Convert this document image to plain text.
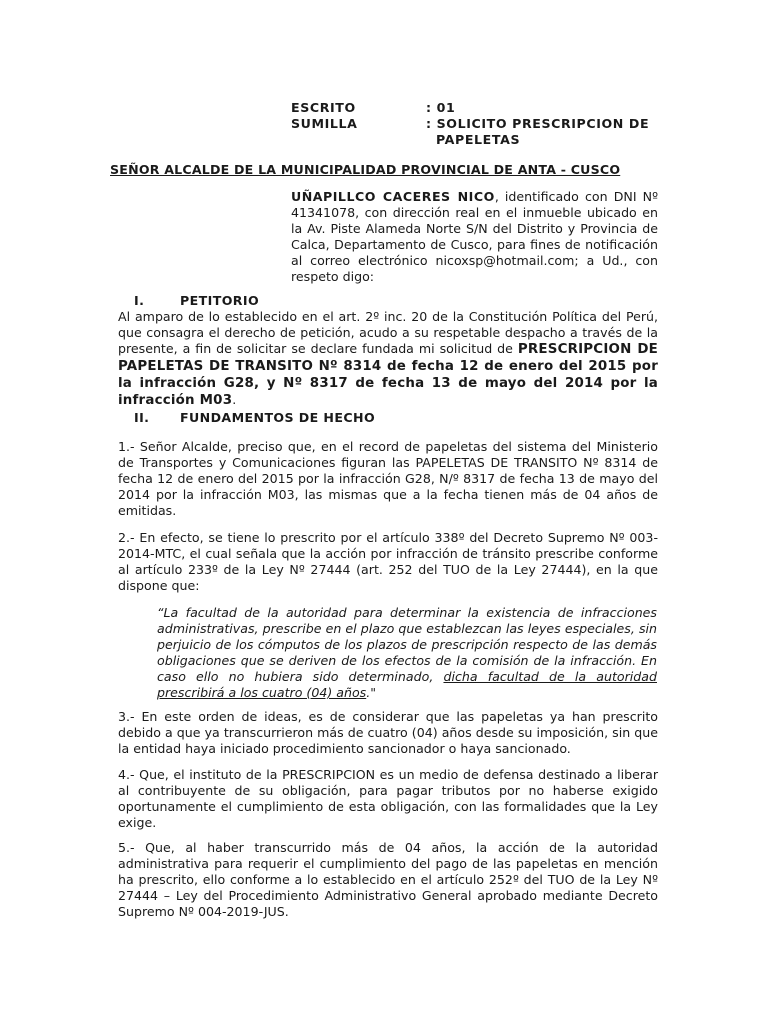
ESCRITO	: 01
SUMILLA	: SOLICITO PRESCRIPCION DE
PAPELETAS
SEÑOR ALCALDE DE LA MUNICIPALIDAD PROVINCIAL DE ANTA - CUSCO
UÑAPILLCO CACERES NICO, identificado con DNI Nº 41341078, con dirección real en el inmueble ubicado en la Av. Piste Alameda Norte S/N del Distrito y Provincia de Calca, Departamento de Cusco, para fines de notificación al correo electrónico nicoxsp@hotmail.com; a Ud., con respeto digo:
I.	PETITORIO
Al amparo de lo establecido en el art. 2º inc. 20 de la Constitución Política del Perú, que consagra el derecho de petición, acudo a su respetable despacho a través de la presente, a fin de solicitar se declare fundada mi solicitud de PRESCRIPCION DE PAPELETAS DE TRANSITO Nº 8314 de fecha 12 de enero del 2015 por la infracción G28, y Nº 8317 de fecha 13 de mayo del 2014 por la infracción M03.
II.	FUNDAMENTOS DE HECHO
1.- Señor Alcalde, preciso que, en el record de papeletas del sistema del Ministerio de Transportes y Comunicaciones figuran las PAPELETAS DE TRANSITO Nº 8314 de fecha 12 de enero del 2015 por la infracción G28, N/º 8317 de fecha 13 de mayo del 2014 por la infracción M03, las mismas que a la fecha tienen más de 04 años de emitidas.
2.- En efecto, se tiene lo prescrito por el artículo 338º del Decreto Supremo Nº 003-2014-MTC, el cual señala que la acción por infracción de tránsito prescribe conforme al artículo 233º de la Ley Nº 27444 (art. 252 del TUO de la Ley 27444), en la que dispone que:
“La facultad de la autoridad para determinar la existencia de infracciones administrativas, prescribe en el plazo que establezcan las leyes especiales, sin perjuicio de los cómputos de los plazos de prescripción respecto de las demás obligaciones que se deriven de los efectos de la comisión de la infracción. En caso ello no hubiera sido determinado, dicha facultad de la autoridad prescribirá a los cuatro (04) años."
3.- En este orden de ideas, es de considerar que las papeletas ya han prescrito debido a que ya transcurrieron más de cuatro (04) años desde su imposición, sin que la entidad haya iniciado procedimiento sancionador o haya sancionado.
4.- Que, el instituto de la PRESCRIPCION es un medio de defensa destinado a liberar al contribuyente de su obligación, para pagar tributos por no haberse exigido oportunamente el cumplimiento de esta obligación, con las formalidades que la Ley exige.
5.- Que, al haber transcurrido más de 04 años, la acción de la autoridad administrativa para requerir el cumplimiento del pago de las papeletas en mención ha prescrito, ello conforme a lo establecido en el artículo 252º del TUO de la Ley Nº 27444 – Ley del Procedimiento Administrativo General aprobado mediante Decreto Supremo Nº 004-2019-JUS.
